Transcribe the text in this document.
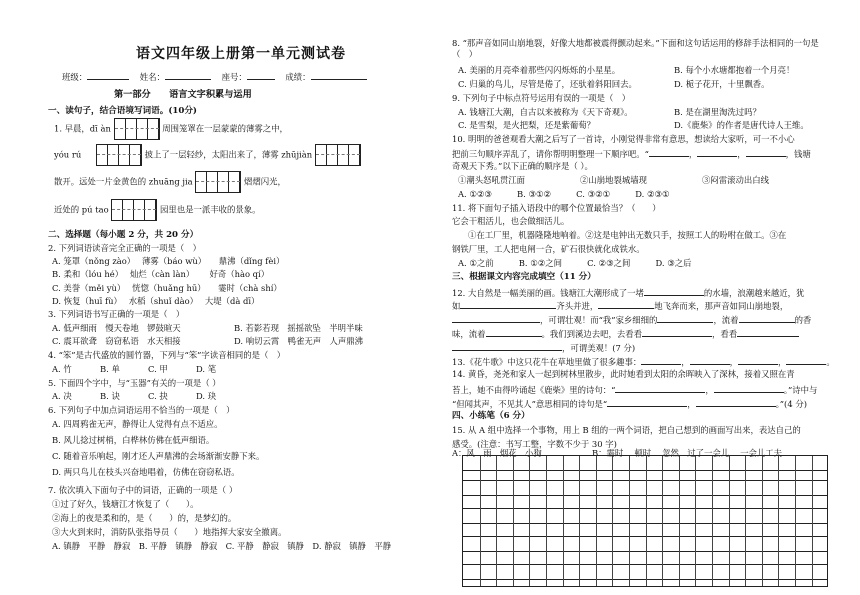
语文四年级上册第一单元测试卷
班级：	姓名：	座号：	成绩：
第一部分　　语言文字积累与运用
一、读句子，结合语境写词语。(10分)
1. 早晨，dī àn	周围笼罩在一层蒙蒙的薄雾之中，
yóu rú	披上了一层轻纱，太阳出来了，薄雾 zhūjiàn
散开。远处一片金黄色的 zhuāng jia	熠熠闪光，
近处的 pú tao	园里也是一派丰收的景象。
二、选择题（每小题 2 分，共 20 分）
2. 下列词语读音完全正确的一项是（　）
A. 笼罩（nǒng zào）　 薄雾（báo wù）　　鼎沸（dǐng fèi）
B. 柔和（lóu hé）　 灿烂（càn làn）　　 好奇（hào qí）
C. 美誉（měi yù）　 恍惚（huǎng hū）　　霎时（chà shí）
D. 恢复（huī fù）　 水稻（shuǐ dào）　 大堤（dà dī）
3. 下列词语书写正确的一项是（　）
A. 低声细雨　慢天卷地　锣鼓暄天	B. 若影若现　摇摇欲坠　半明半味
C. 震耳欲聋　窃窃私语　水天相接	D. 响切云霄　鸭雀无声　人声鼎沸
4. “笨”是古代盛放的圆竹器，下列与“笨”字读音相同的是（　）
A. 竹	B. 单	C. 甲	D. 笔
5. 下面四个字中，与“玉器”有关的一项是（ ）
A. 决	B. 诀	C. 抉	D. 玦
6. 下列句子中加点词语运用不恰当的一项是（　）
A. 四周鸦雀无声，静得让人觉得有点不适应。
B. 风儿捻过树梢，白桦林仿佛在低声细语。
C. 随着音乐响起，刚才还人声鼎沸的会场渐渐安静下来。
D. 两只鸟儿在枝头兴奋地唱着，仿佛在窃窃私语。
7. 依次填入下面句子中的词语，正确的一项是（ ）
①过了好久，钱塘江才恢复了（　　）。
②海上的夜是柔和的，是（　　）的，是梦幻的。
③大火到来时，消防队张指导员（　　）地指挥大家安全撤离。
A. 镇静　平静　静寂　B. 平静　镇静　静寂　C. 平静　静寂　镇静　D. 静寂　镇静　平静
8. “那声音如同山崩地裂，好像大地都被震得颤动起来。”下面和这句话运用的修辞手法相同的一句是（　）
A. 美丽的月亮牵着那些闪闪烁烁的小星星。	B. 每个小水塘都抱着一个月亮！
C. 归巢的鸟儿，尽管是倦了，还驮着斜阳回去。	D. 栀子花开，十里飘香。
9. 下列句子中标点符号运用有误的一项是（　）
A. 钱塘江大潮，自古以来被称为《天下奇观》。	B. 是在湖里淘洗过吗？
C. 是雪梨，是火把梨，还是紫葡萄？	D.《鹿柴》的作者是唐代诗人王维。
10. 明明的爸爸观看大潮之后写了一首诗，小刚觉得非常有意思，想读给大家听，可一不小心
把前三句顺序弄乱了，请你帮明明整理一下顺序吧。“	，	，	，钱塘
奇观天下秀。”以下正确的顺序是（ ）。
①潮头怒吼贯江面	②山崩地裂城墙现	③闷雷滚动出白线
A. ①②③　　　B. ③①②　　　C. ③②①　　　D. ②③①
11. 将下面句子插入语段中的哪个位置最恰当？（　　）
它会干粗活儿，也会做细活儿。
①在工厂里，机器隆隆地响着。②这是电钟出无数只手，按照工人的吩咐在做工。③在
钢铁厂里，工人把电闸一合，矿石很快就化成铁水。
A. ①之前　　　B. ①②之间　　　C. ②③之间　　　D. ③之后
三、根据课文内容完成填空（11 分）
12. 大自然是一幅美丽的画。钱塘江大潮形成了一堵	的水墙，浪潮越来越近，犹
如	齐头并进，	地飞奔而来，那声音如同山崩地裂，
，可谓壮观！而“我”家乡细细的	，流着	的香
味，流着	。我们到溪边去吧，去看看	，看看
，可谓美观！(7 分)
13.《花牛歌》中这只花牛在草地里做了很多趣事：	，	，	，	。
14. 黄昏，尧尧和家人一起到树林里散步，此时她看到太阳的余晖映入了深林，接着又照在青
苔上，她不由得吟诵起《鹿柴》里的诗句：“	，	。”诗中与
“但闻其声，不见其人”意思相同的诗句是“	，	。”(4 分)
四、小练笔（6 分）
15. 从 A 组中选择一个事物，用上 B 组的一两个词语，把自己想到的画面写出来，表达自己的
感受。(注意：书写工整，字数不少于 30 字)
A：风　雨　烟花　小狗	B：霎时　 顿时　 忽然　过了一会儿　 一会儿工夫
